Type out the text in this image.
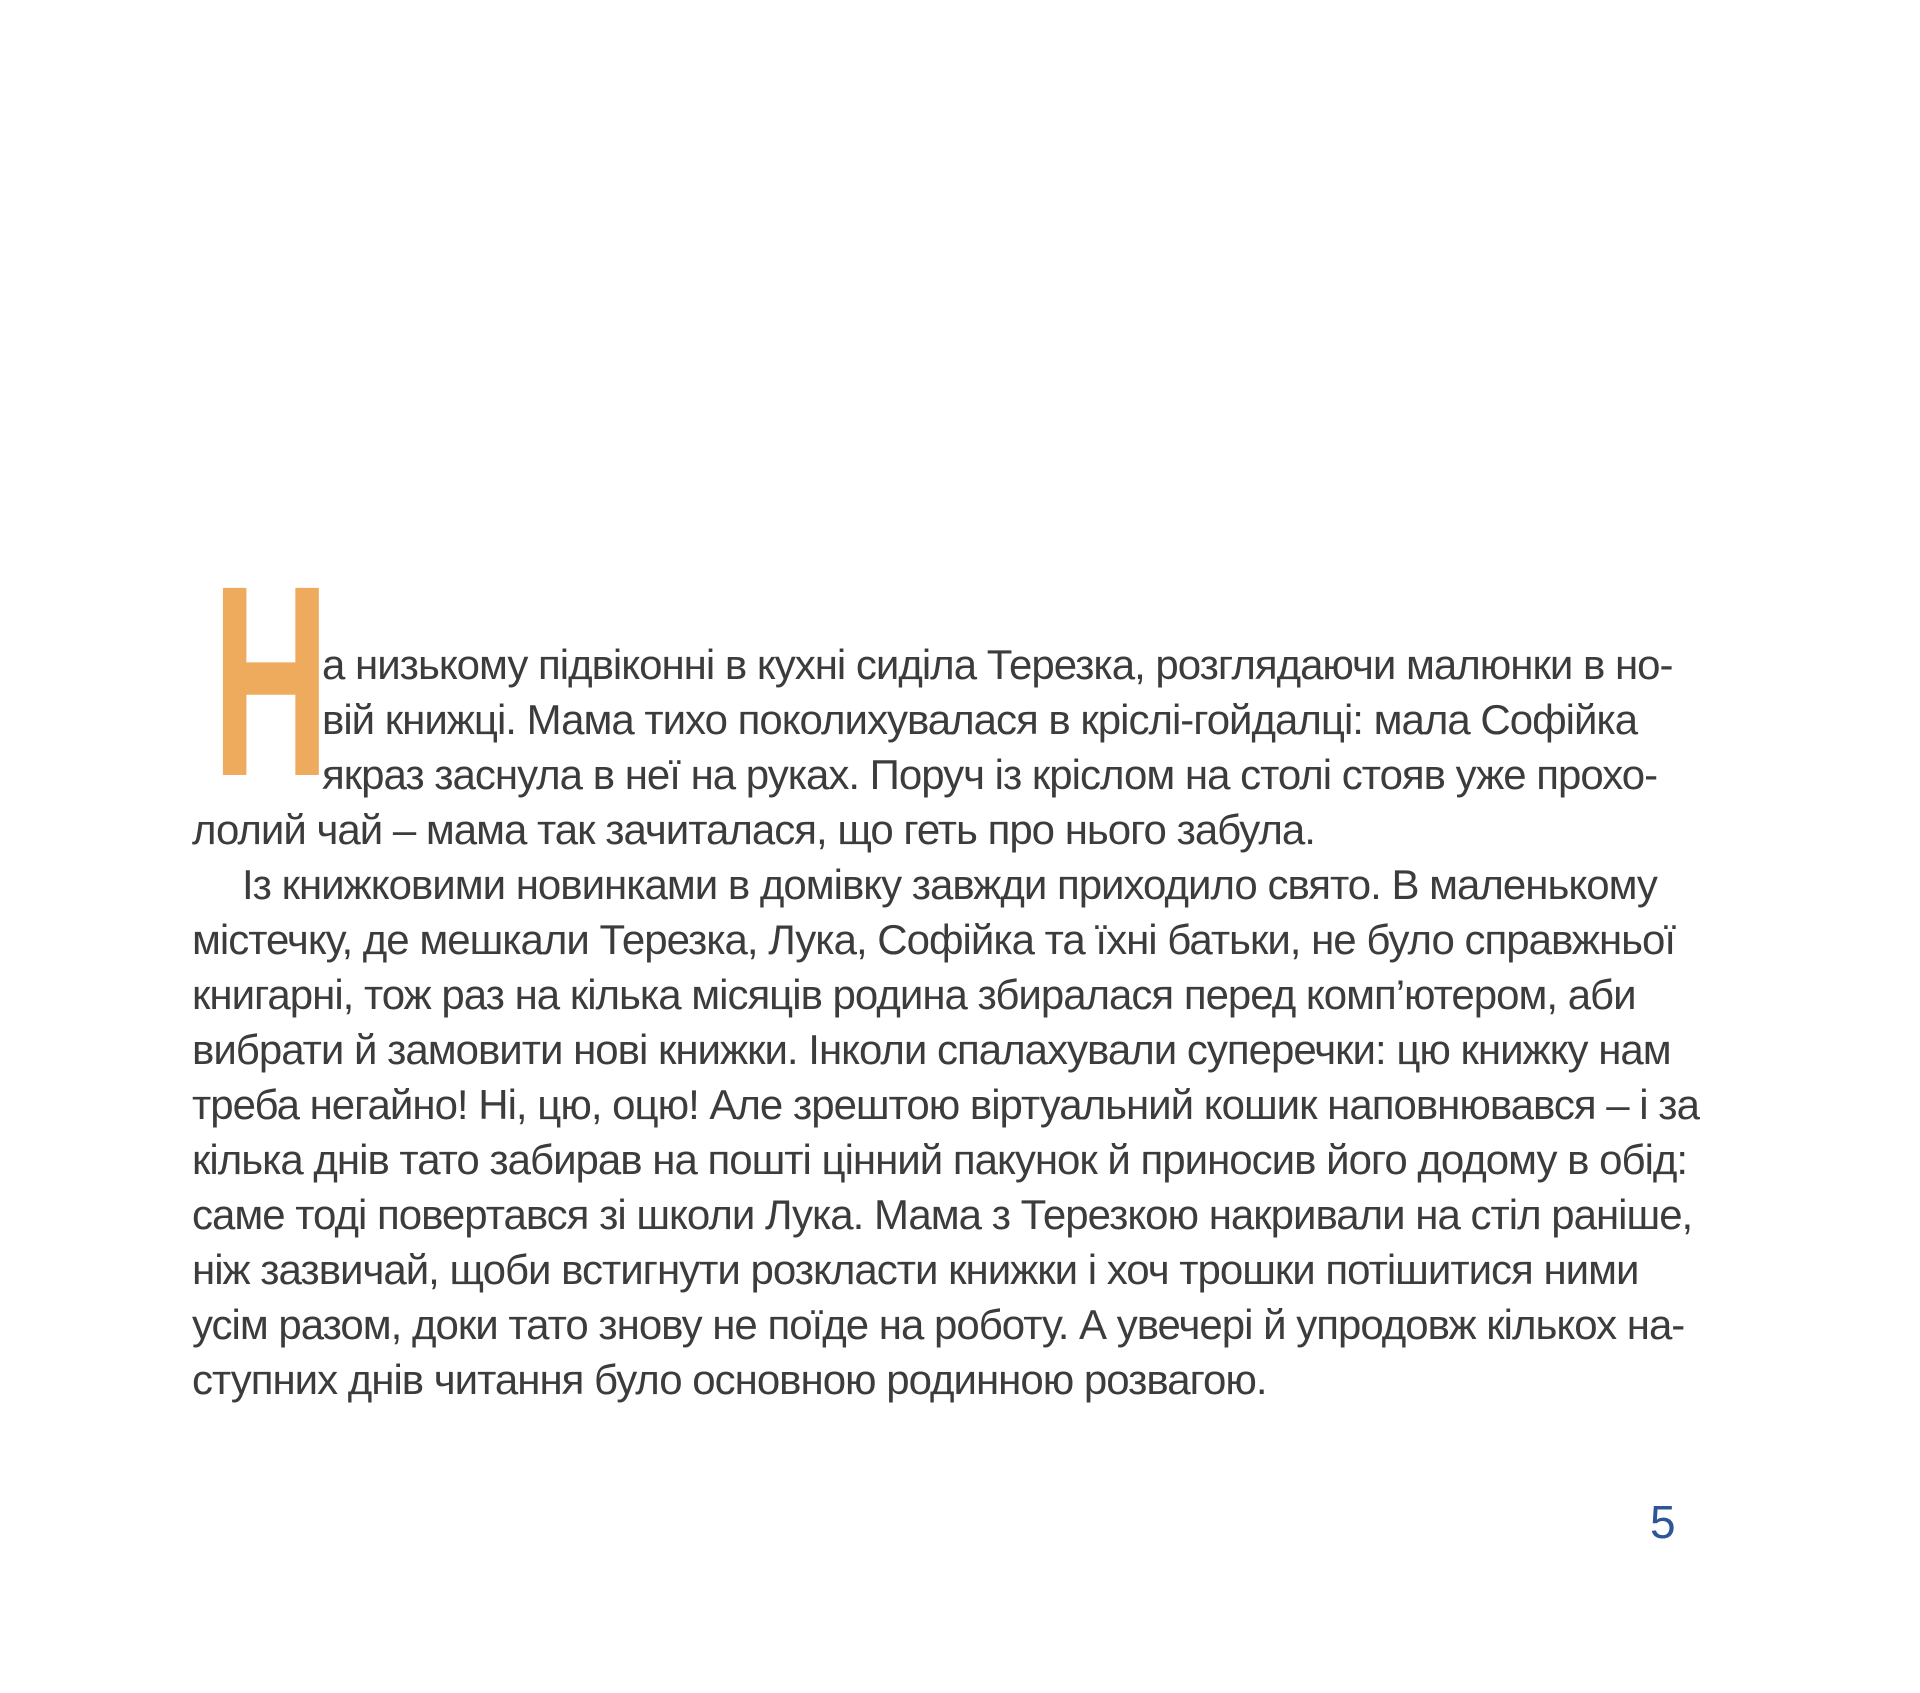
Н
а низькому підвіконні в кухні сиділа Терезка, розглядаючи малюнки в но-
вій книжці. Мама тихо поколихувалася в кріслі-гойдалці: мала Софійка
якраз заснула в неї на руках. Поруч із кріслом на столі стояв уже прохо-
лолий чай – мама так зачиталася, що геть про нього забула.
Із книжковими новинками в домівку завжди приходило свято. В маленькому
містечку, де мешкали Терезка, Лука, Софійка та їхні батьки, не було справжньої
книгарні, тож раз на кілька місяців родина збиралася перед комп’ютером, аби
вибрати й замовити нові книжки. Інколи спалахували суперечки: цю книжку нам
треба негайно! Ні, цю, оцю! Але зрештою віртуальний кошик наповнювався – і за
кілька днів тато забирав на пошті цінний пакунок й приносив його додому в обід:
саме тоді повертався зі школи Лука. Мама з Терезкою накривали на стіл раніше,
ніж зазвичай, щоби встигнути розкласти книжки і хоч трошки потішитися ними
усім разом, доки тато знову не поїде на роботу. А увечері й упродовж кількох на-
ступних днів читання було основною родинною розвагою.
5
